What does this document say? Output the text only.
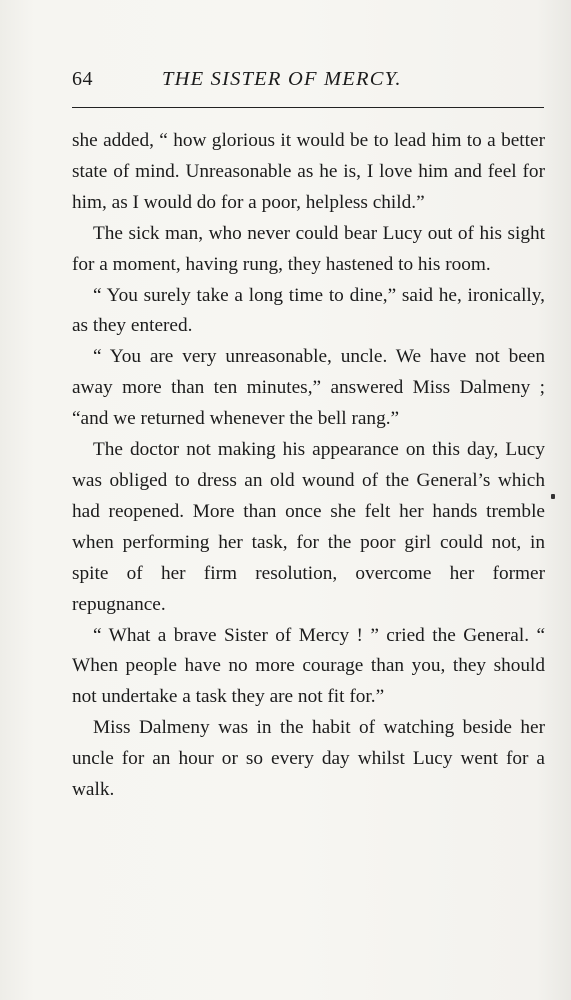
64	THE SISTER OF MERCY.

she added, “ how glorious it would be to lead him to a better state of mind. Unreasonable as he is, I love him and feel for him, as I would do for a poor, helpless child.”

The sick man, who never could bear Lucy out of his sight for a moment, having rung, they hastened to his room.

“ You surely take a long time to dine,” said he, ironically, as they entered.

“ You are very unreasonable, uncle. We have not been away more than ten minutes,” answered Miss Dalmeny ; “and we returned whenever the bell rang.”

The doctor not making his appearance on this day, Lucy was obliged to dress an old wound of the General’s which had reopened. More than once she felt her hands tremble when performing her task, for the poor girl could not, in spite of her firm resolution, overcome her former repugnance.

“ What a brave Sister of Mercy ! ” cried the General. “ When people have no more courage than you, they should not undertake a task they are not fit for.”

Miss Dalmeny was in the habit of watching beside her uncle for an hour or so every day whilst Lucy went for a walk.
